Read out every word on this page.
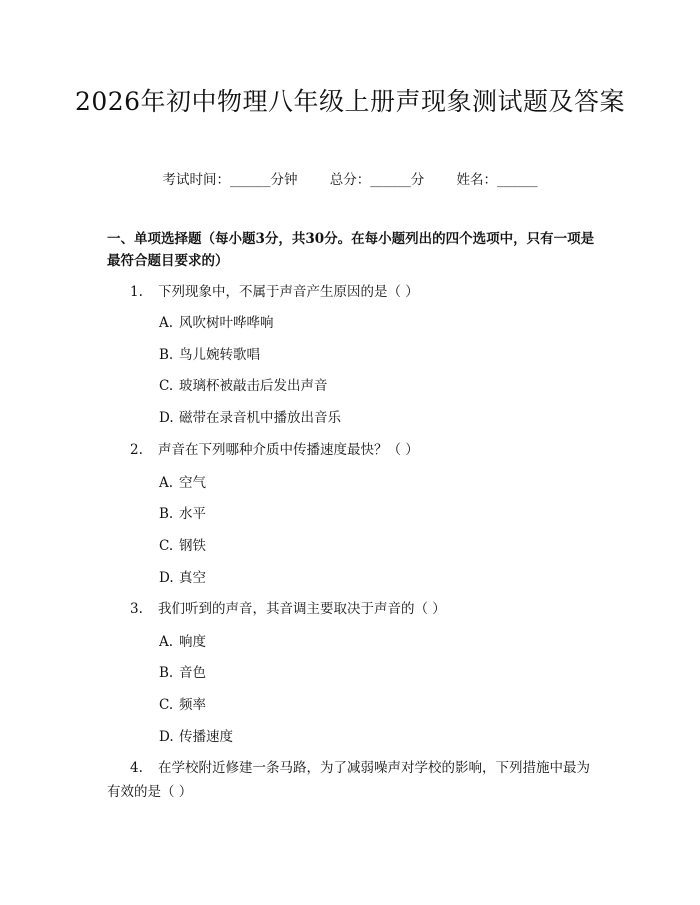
2026年初中物理八年级上册声现象测试题及答案
考试时间：______分钟 总分：______分 姓名：______
一、单项选择题（每小题3分，共30分。在每小题列出的四个选项中，只有一项是最符合题目要求的）
1. 下列现象中，不属于声音产生原因的是（ ）
A. 风吹树叶哗哗响
B. 鸟儿婉转歌唱
C. 玻璃杯被敲击后发出声音
D. 磁带在录音机中播放出音乐
2. 声音在下列哪种介质中传播速度最快？（ ）
A. 空气
B. 水平
C. 钢铁
D. 真空
3. 我们听到的声音，其音调主要取决于声音的（ ）
A. 响度
B. 音色
C. 频率
D. 传播速度
4. 在学校附近修建一条马路，为了减弱噪声对学校的影响，下列措施中最为有效的是（ ）
